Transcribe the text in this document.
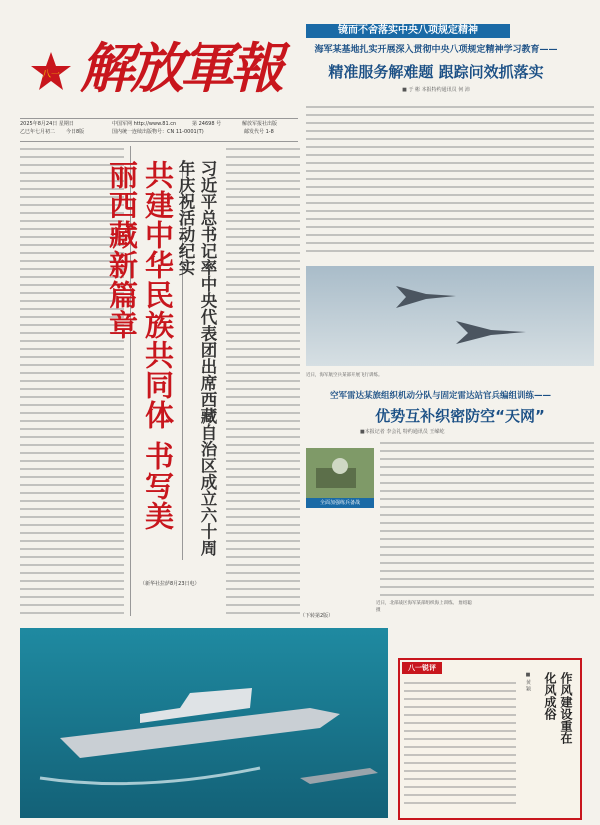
八一 解放軍報
镜而不舍落实中央八项规定精神
海军某基地扎实开展深入贯彻中央八项规定精神学习教育——
精准服务解难题 跟踪问效抓落实
■ 于 彬 本报特约通讯员 何 沛
2025年8月24日 星期日
乙巳年七月初二	今日8版
中国军网 http://www.81.cn	第 24698 号
国内统一连续出版物号：CN 11-0001(T)
解放军报社出版
邮发代号 1-8
共建中华民族共同体 书写美丽西藏新篇章	习近平总书记率中央代表团出席西藏自治区成立六十周年庆祝活动纪实
（新华社拉萨8月23日电）
（下转第2版）
近日，海军航空兵某部开展飞行训练。
空军雷达某旅组织机动分队与固定雷达站官兵编组训练——
优势互补织密防空“天网”
■本报记者 李会礼 特约通讯员 王嵘屹
全面加强练兵备战
近日，北部战区海军某部组织海上训练。 詹绍聪摄
八一锐评
作风建设重在化风成俗
■ 黄 颖
